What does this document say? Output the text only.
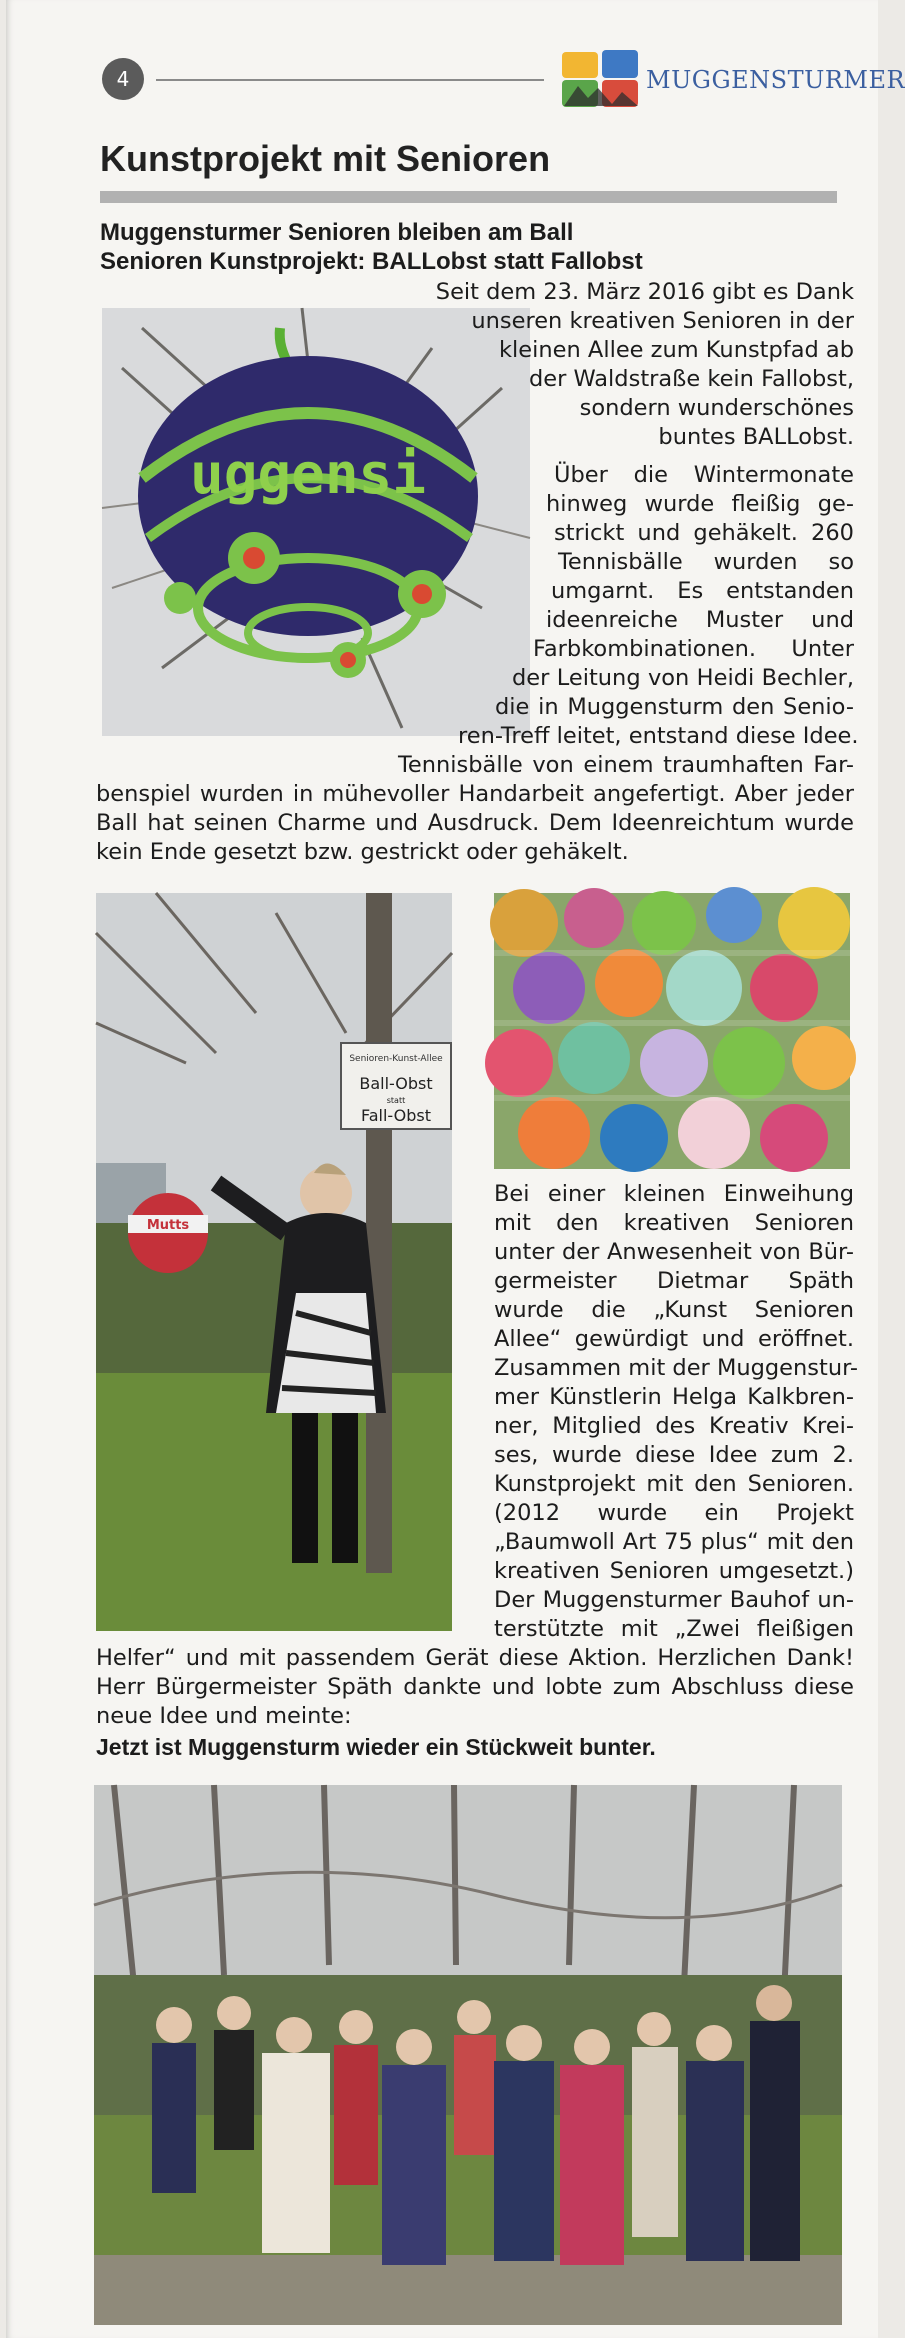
4	MUGGENSTURMER
Kunstprojekt mit Senioren
Muggensturmer Senioren bleiben am Ball
Senioren Kunstprojekt: BALLobst statt Fallobst
uggensi
Seit dem 23. März 2016 gibt es Dank
unseren kreativen Senioren in der
kleinen Allee zum Kunstpfad ab
der Waldstraße kein Fallobst,
sondern wunderschönes
buntes BALLobst.
Über die Wintermonate
hinweg wurde fleißig ge-
strickt und gehäkelt. 260
Tennisbälle wurden so
umgarnt. Es entstanden
ideenreiche Muster und
Farbkombinationen. Unter
der Leitung von Heidi Bechler,
die in Muggensturm den Senio-
ren-Treff leitet, entstand diese Idee.
Tennisbälle von einem traumhaften Far-
benspiel wurden in mühevoller Handarbeit angefertigt. Aber jeder
Ball hat seinen Charme und Ausdruck. Dem Ideenreichtum wurde
kein Ende gesetzt bzw. gestrickt oder gehäkelt.
Senioren-Kunst-Allee
Ball-Obst
statt
Fall-Obst
Mutts
Bei einer kleinen Einweihung
mit den kreativen Senioren
unter der Anwesenheit von Bür-
germeister Dietmar Späth
wurde die „Kunst Senioren
Allee“ gewürdigt und eröffnet.
Zusammen mit der Muggenstur-
mer Künstlerin Helga Kalkbren-
ner, Mitglied des Kreativ Krei-
ses, wurde diese Idee zum 2.
Kunstprojekt mit den Senioren.
(2012 wurde ein Projekt
„Baumwoll Art 75 plus“ mit den
kreativen Senioren umgesetzt.)
Der Muggensturmer Bauhof un-
terstützte mit „Zwei fleißigen
Helfer“ und mit passendem Gerät diese Aktion. Herzlichen Dank!
Herr Bürgermeister Späth dankte und lobte zum Abschluss diese
neue Idee und meinte:
Jetzt ist Muggensturm wieder ein Stückweit bunter.
